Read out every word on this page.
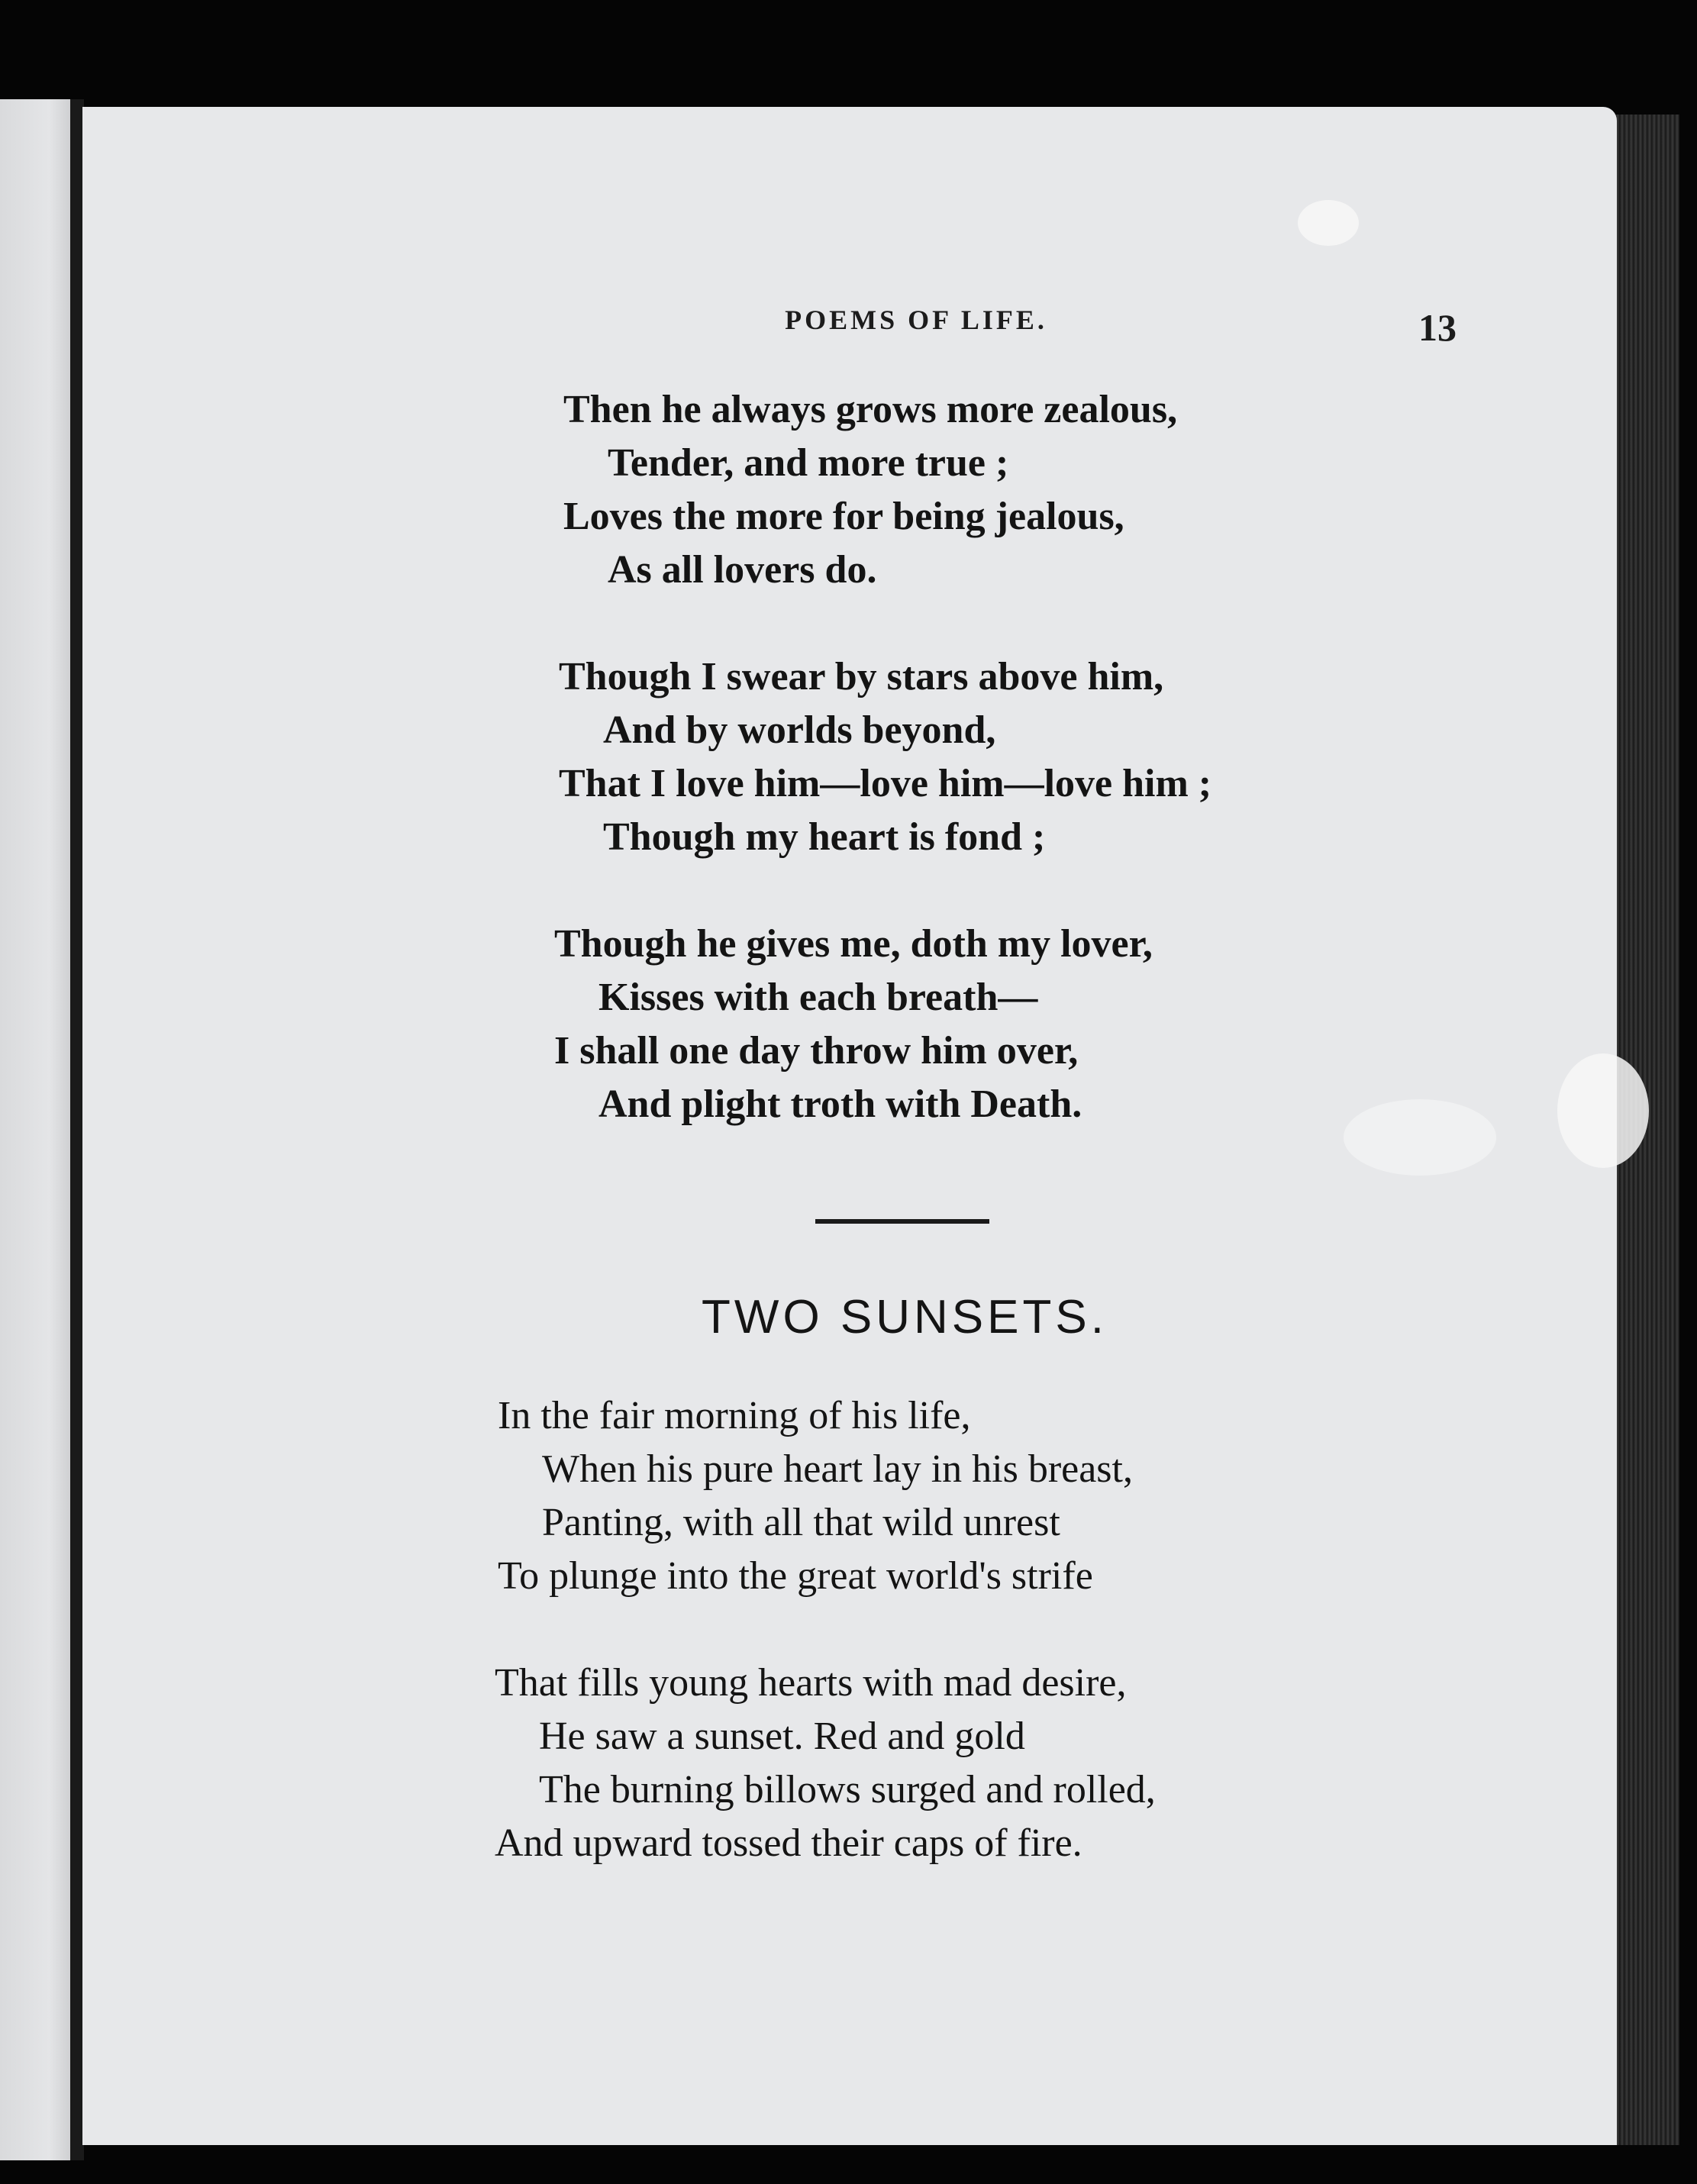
POEMS OF LIFE.	13
Then he always grows more zealous,
Tender, and more true ;
Loves the more for being jealous,
As all lovers do.
Though I swear by stars above him,
And by worlds beyond,
That I love him—love him—love him ;
Though my heart is fond ;
Though he gives me, doth my lover,
Kisses with each breath—
I shall one day throw him over,
And plight troth with Death.
TWO SUNSETS.
In the fair morning of his life,
When his pure heart lay in his breast,
Panting, with all that wild unrest
To plunge into the great world's strife
That fills young hearts with mad desire,
He saw a sunset. Red and gold
The burning billows surged and rolled,
And upward tossed their caps of fire.
